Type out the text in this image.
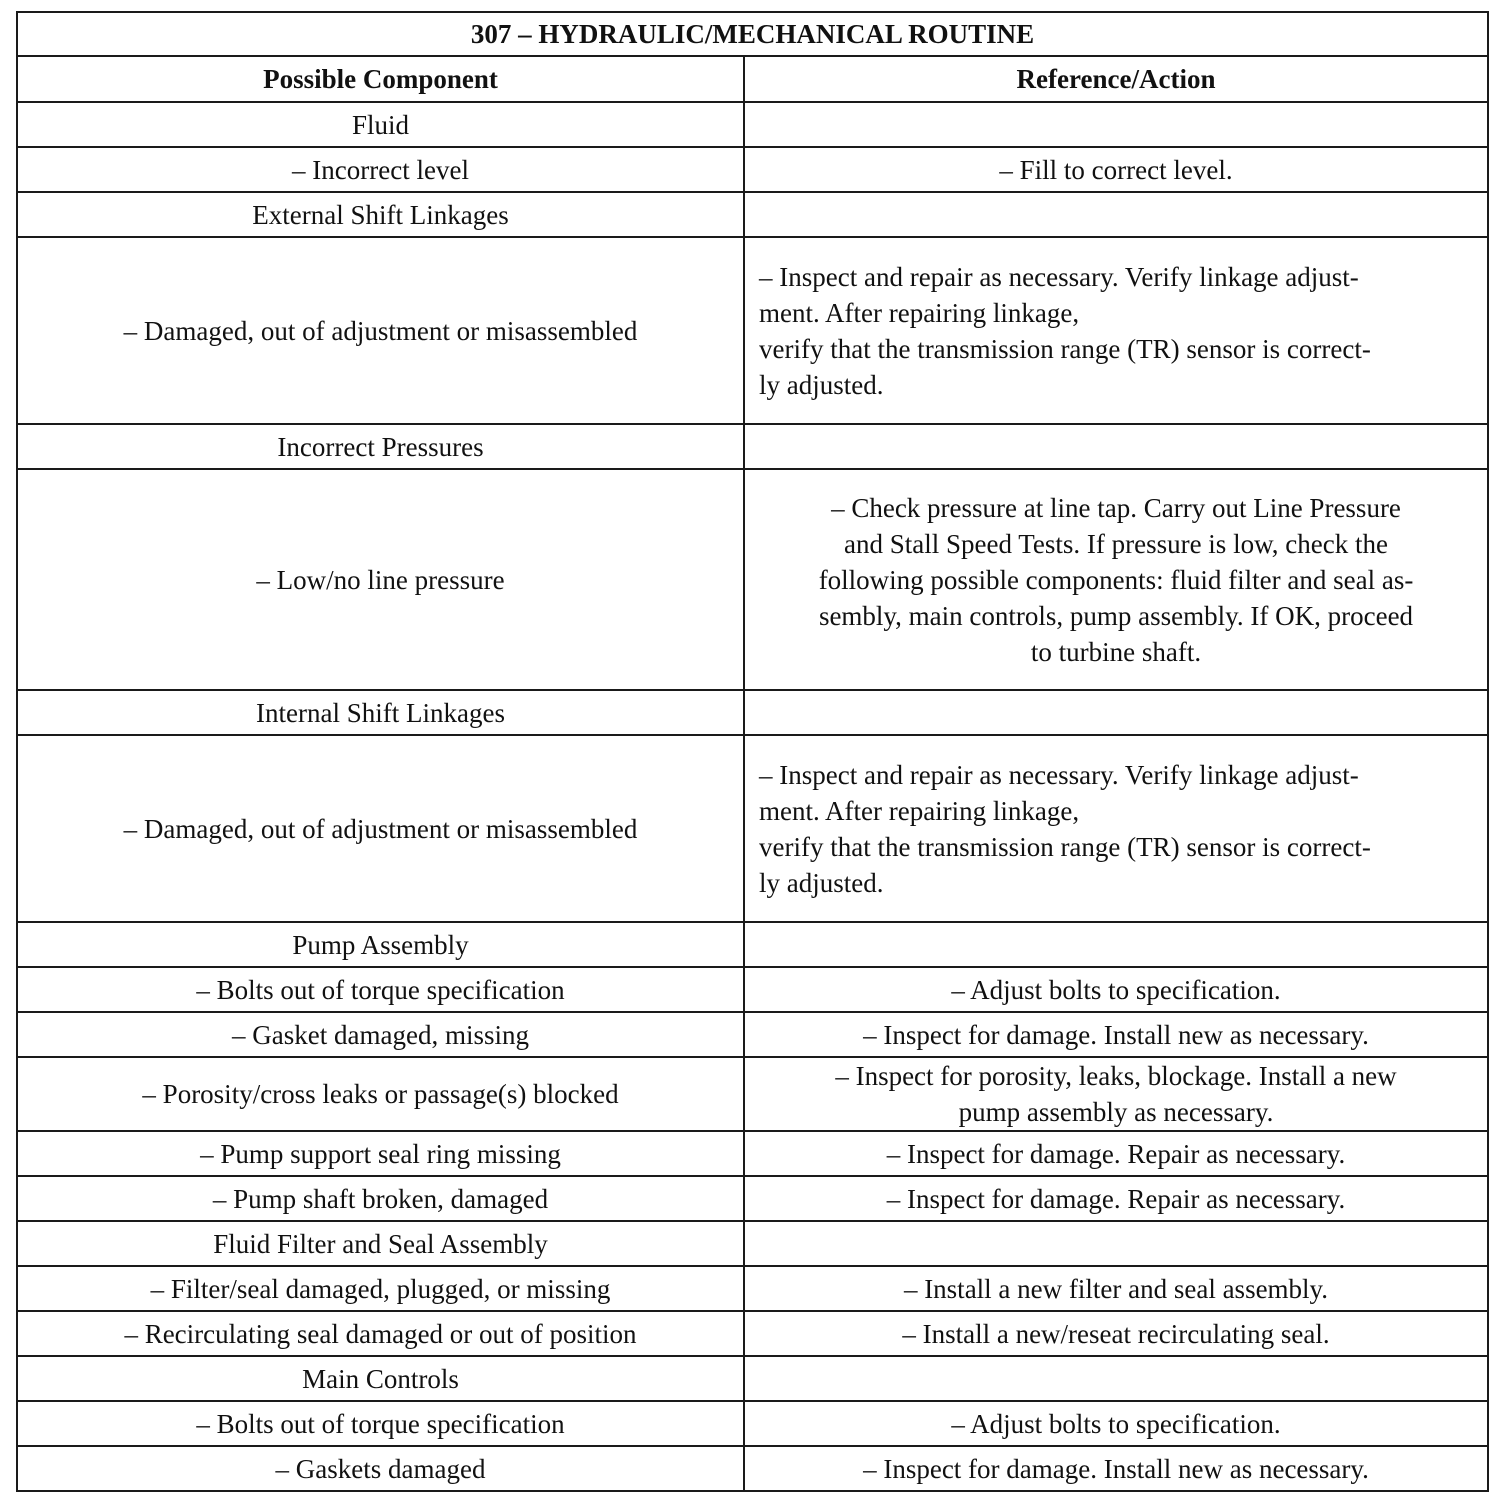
307 – HYDRAULIC/MECHANICAL ROUTINE	
Possible Component	Reference/Action
Fluid	
– Incorrect level	– Fill to correct level.
External Shift Linkages	
– Damaged, out of adjustment or misassembled	– Inspect and repair as necessary. Verify linkage adjust-
ment. After repairing linkage,
verify that the transmission range (TR) sensor is correct-
ly adjusted.

Incorrect Pressures	
– Low/no line pressure	– Check pressure at line tap. Carry out Line Pressure
and Stall Speed Tests. If pressure is low, check the
following possible components: fluid filter and seal as-
sembly, main controls, pump assembly. If OK, proceed
to turbine shaft.

Internal Shift Linkages	
– Damaged, out of adjustment or misassembled	– Inspect and repair as necessary. Verify linkage adjust-
ment. After repairing linkage,
verify that the transmission range (TR) sensor is correct-
ly adjusted.

Pump Assembly	
– Bolts out of torque specification	– Adjust bolts to specification.
– Gasket damaged, missing	– Inspect for damage. Install new as necessary.
– Porosity/cross leaks or passage(s) blocked	– Inspect for porosity, leaks, blockage. Install a new
pump assembly as necessary.

– Pump support seal ring missing	– Inspect for damage. Repair as necessary.
– Pump shaft broken, damaged	– Inspect for damage. Repair as necessary.
Fluid Filter and Seal Assembly	
– Filter/seal damaged, plugged, or missing	– Install a new filter and seal assembly.
– Recirculating seal damaged or out of position	– Install a new/reseat recirculating seal.
Main Controls	
– Bolts out of torque specification	– Adjust bolts to specification.
– Gaskets damaged	– Inspect for damage. Install new as necessary.
